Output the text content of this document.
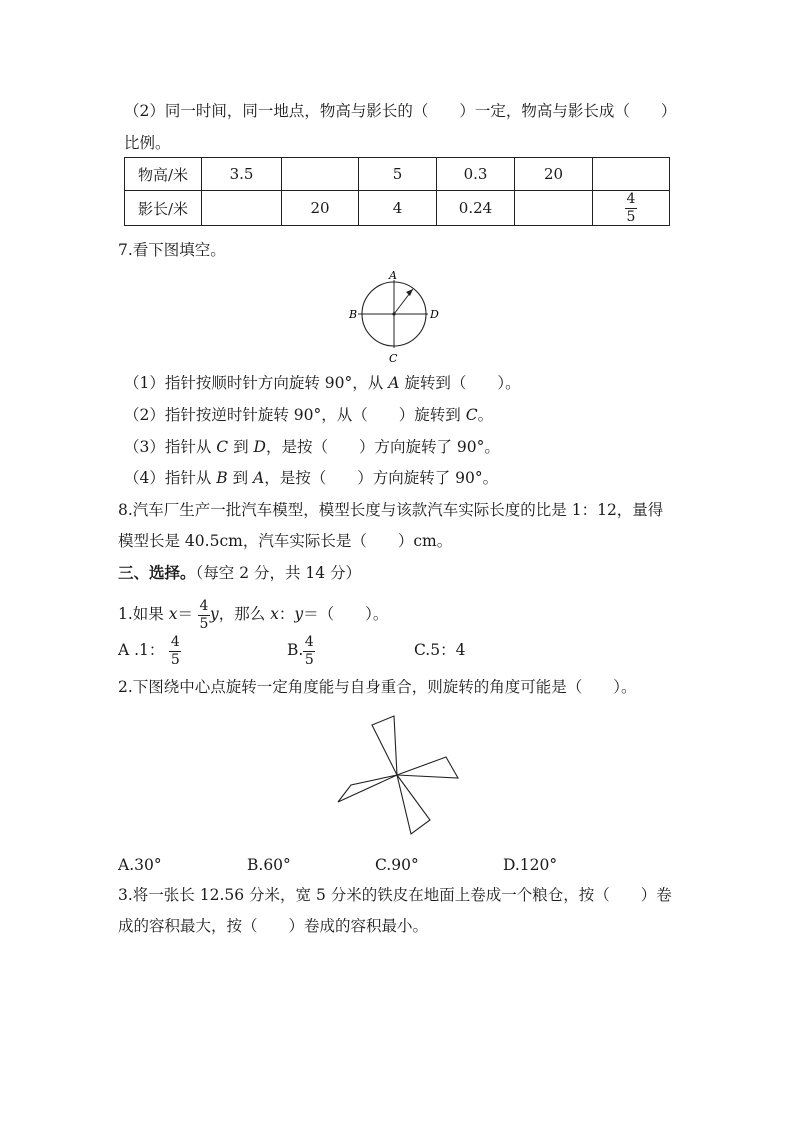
（2）同一时间，同一地点，物高与影长的（　　）一定，物高与影长成（　　）
比例。
物高/米	3.5		5	0.3	20	
影长/米		20	4	0.24		$\frac{4}{5}$
7.看下图填空。
A
B
C
D
（1）指针按顺时针方向旋转 90°，从 A 旋转到（　　）。
（2）指针按逆时针旋转 90°，从（　　）旋转到 C。
（3）指针从 C 到 D，是按（　　）方向旋转了 90°。
（4）指针从 B 到 A，是按（　　）方向旋转了 90°。
8.汽车厂生产一批汽车模型，模型长度与该款汽车实际长度的比是 1：12，量得
模型长是 40.5cm，汽车实际长是（　　）cm。
三、选择。（每空 2 分，共 14 分）
1.如果 $x= \frac{4}{5}$ y，那么 x：y＝（　　）。
A .1： $\frac{4}{5}$	B. $\frac{4}{5}$	C.5：4
2.下图绕中心点旋转一定角度能与自身重合，则旋转的角度可能是（　　）。
A.30°	B.60°	C.90°	D.120°
3.将一张长 12.56 分米，宽 5 分米的铁皮在地面上卷成一个粮仓，按（　　）卷
成的容积最大，按（　　）卷成的容积最小。
